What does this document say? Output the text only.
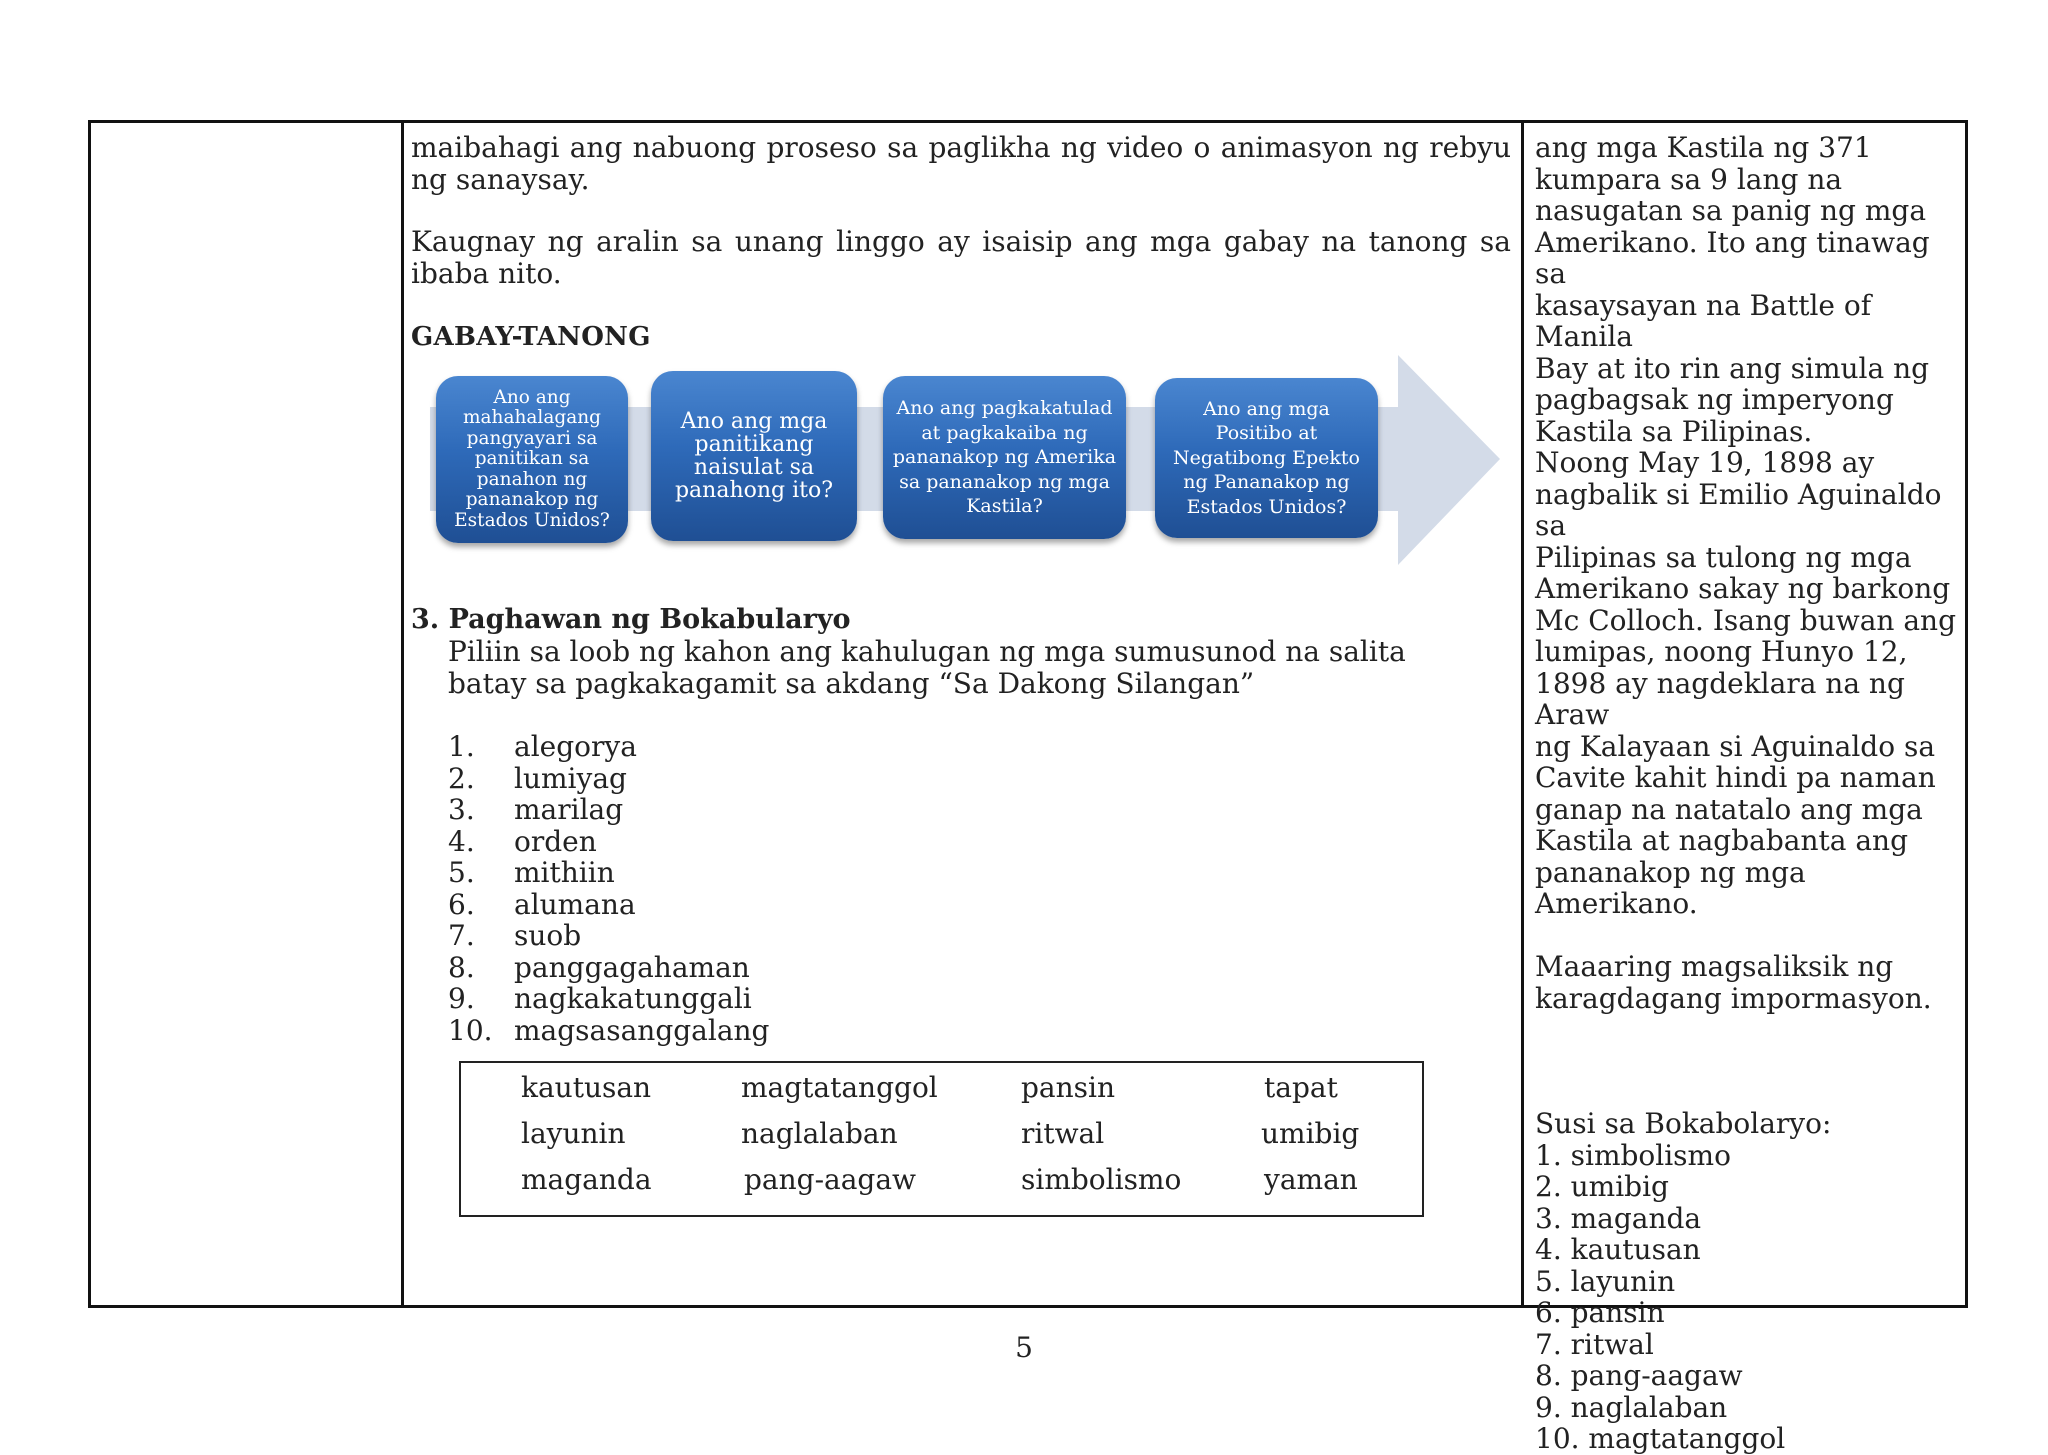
maibahagi ang nabuong proseso sa paglikha ng video o animasyon ng rebyu ng sanaysay.

Kaugnay ng aralin sa unang linggo ay isaisip ang mga gabay na tanong sa ibaba nito.

GABAY-TANONG
Ano ang mahahalagang pangyayari sa panitikan sa panahon ng pananakop ng Estados Unidos?
Ano ang mga panitikang naisulat sa panahong ito?
Ano ang pagkakatulad at pagkakaiba ng pananakop ng Amerika sa pananakop ng mga Kastila?
Ano ang mga Positibo at Negatibong Epekto ng Pananakop ng Estados Unidos?
3. Paghawan ng Bokabularyo
Piliin sa loob ng kahon ang kahulugan ng mga sumusunod na salita batay sa pagkakagamit sa akdang “Sa Dakong Silangan”
1.	alegorya
2.	lumiyag
3.	marilag
4.	orden
5.	mithiin
6.	alumana
7.	suob
8.	panggagahaman
9.	nagkakatunggali
10. magsasanggalang
kautusan	magtatanggol	pansin	tapat
layunin	naglalaban	ritwal	umibig
maganda	pang-aagaw	simbolismo	yaman

ang mga Kastila ng 371

kumpara sa 9 lang na

nasugatan sa panig ng mga

Amerikano. Ito ang tinawag sa

kasaysayan na Battle of Manila

Bay at ito rin ang simula ng

pagbagsak ng imperyong

Kastila sa Pilipinas.

Noong May 19, 1898 ay

nagbalik si Emilio Aguinaldo sa

Pilipinas sa tulong ng mga

Amerikano sakay ng barkong

Mc Colloch. Isang buwan ang

lumipas, noong Hunyo 12,

1898 ay nagdeklara na ng Araw

ng Kalayaan si Aguinaldo sa

Cavite kahit hindi pa naman

ganap na natatalo ang mga

Kastila at nagbabanta ang

pananakop ng mga Amerikano.

Maaaring magsaliksik ng

karagdagang impormasyon.

Susi sa Bokabolaryo:

1. simbolismo

2. umibig

3. maganda

4. kautusan

5. layunin

6. pansin

7. ritwal

8. pang-aagaw

9. naglalaban

10. magtatanggol

5
